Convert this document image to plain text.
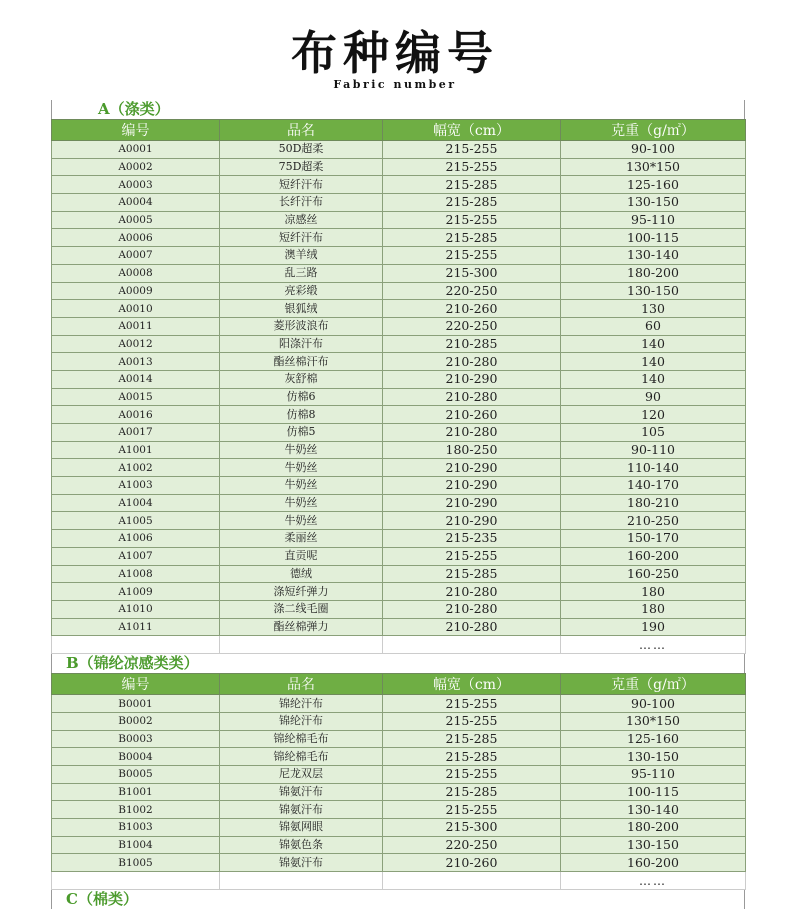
布种编号
Fabric number
A（涤类）
编号	品名	幅宽（cm）	克重（g/㎡）
A0001	50D超柔	215-255	90-100
A0002	75D超柔	215-255	130*150
A0003	短纤汗布	215-285	125-160
A0004	长纤汗布	215-285	130-150
A0005	凉感丝	215-255	95-110
A0006	短纤汗布	215-285	100-115
A0007	澳羊绒	215-255	130-140
A0008	乱三路	215-300	180-200
A0009	亮彩缎	220-250	130-150
A0010	银狐绒	210-260	130
A0011	菱形波浪布	220-250	60
A0012	阳涤汗布	210-285	140
A0013	酯丝棉汗布	210-280	140
A0014	灰舒棉	210-290	140
A0015	仿棉6	210-280	90
A0016	仿棉8	210-260	120
A0017	仿棉5	210-280	105
A1001	牛奶丝	180-250	90-110
A1002	牛奶丝	210-290	110-140
A1003	牛奶丝	210-290	140-170
A1004	牛奶丝	210-290	180-210
A1005	牛奶丝	210-290	210-250
A1006	柔丽丝	215-235	150-170
A1007	直贡呢	215-255	160-200
A1008	德绒	215-285	160-250
A1009	涤短纤弹力	210-280	180
A1010	涤二线毛圈	210-280	180
A1011	酯丝棉弹力	210-280	190
			……
B（锦纶凉感类类）
编号	品名	幅宽（cm）	克重（g/㎡）
B0001	锦纶汗布	215-255	90-100
B0002	锦纶汗布	215-255	130*150
B0003	锦纶棉毛布	215-285	125-160
B0004	锦纶棉毛布	215-285	130-150
B0005	尼龙双层	215-255	95-110
B1001	锦氨汗布	215-285	100-115
B1002	锦氨汗布	215-255	130-140
B1003	锦氨网眼	215-300	180-200
B1004	锦氨色条	220-250	130-150
B1005	锦氨汗布	210-260	160-200
			……
C（棉类）
